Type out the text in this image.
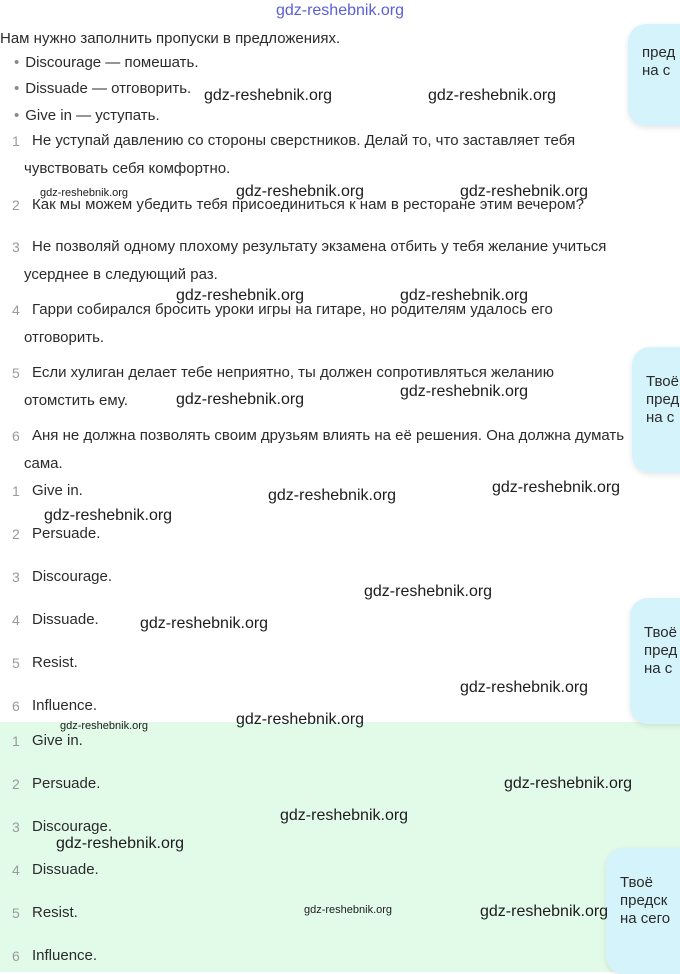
gdz-reshebnik.org
Нам нужно заполнить пропуски в предложениях.
• Discourage — помешать.
• Dissuade — отговорить.
• Give in — уступать.
1 Не уступай давлению со стороны сверстников. Делай то, что заставляет тебя
чувствовать себя комфортно.
2 Как мы можем убедить тебя присоединиться к нам в ресторане этим вечером?
3 Не позволяй одному плохому результату экзамена отбить у тебя желание учиться
усерднее в следующий раз.
4 Гарри собирался бросить уроки игры на гитаре, но родителям удалось его
отговорить.
5 Если хулиган делает тебе неприятно, ты должен сопротивляться желанию
отомстить ему.
6 Аня не должна позволять своим друзьям влиять на её решения. Она должна думать
сама.
1 Give in.
2 Persuade.
3 Discourage.
4 Dissuade.
5 Resist.
6 Influence.
1 Give in.
2 Persuade.
3 Discourage.
4 Dissuade.
5 Resist.
6 Influence.
пред
на с
Твоё
пред
на с
Твоё
пред
на с
Твоё
предск
на сего
gdz-reshebnik.org	gdz-reshebnik.org
gdz-reshebnik.org	gdz-reshebnik.org	gdz-reshebnik.org
gdz-reshebnik.org	gdz-reshebnik.org
gdz-reshebnik.org
gdz-reshebnik.org
gdz-reshebnik.org	gdz-reshebnik.org
gdz-reshebnik.org
gdz-reshebnik.org
gdz-reshebnik.org
gdz-reshebnik.org
gdz-reshebnik.org
gdz-reshebnik.org
gdz-reshebnik.org
gdz-reshebnik.org
gdz-reshebnik.org
gdz-reshebnik.org	gdz-reshebnik.org
